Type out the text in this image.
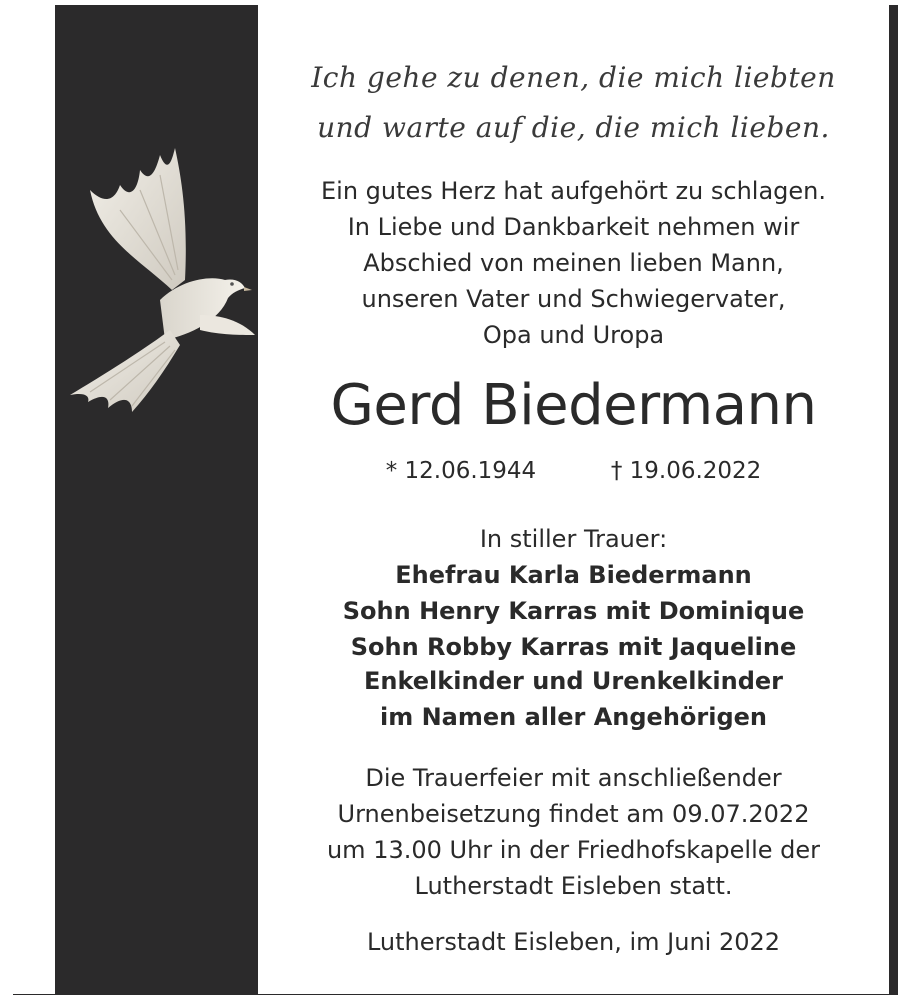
Ich gehe zu denen, die mich liebten
und warte auf die, die mich lieben.
Ein gutes Herz hat aufgehört zu schlagen.
In Liebe und Dankbarkeit nehmen wir
Abschied von meinen lieben Mann,
unseren Vater und Schwiegervater,
Opa und Uropa
Gerd Biedermann
* 12.06.1944	† 19.06.2022
In stiller Trauer:
Ehefrau Karla Biedermann
Sohn Henry Karras mit Dominique
Sohn Robby Karras mit Jaqueline
Enkelkinder und Urenkelkinder
im Namen aller Angehörigen
Die Trauerfeier mit anschließender
Urnenbeisetzung findet am 09.07.2022
um 13.00 Uhr in der Friedhofskapelle der
Lutherstadt Eisleben statt.
Lutherstadt Eisleben, im Juni 2022
